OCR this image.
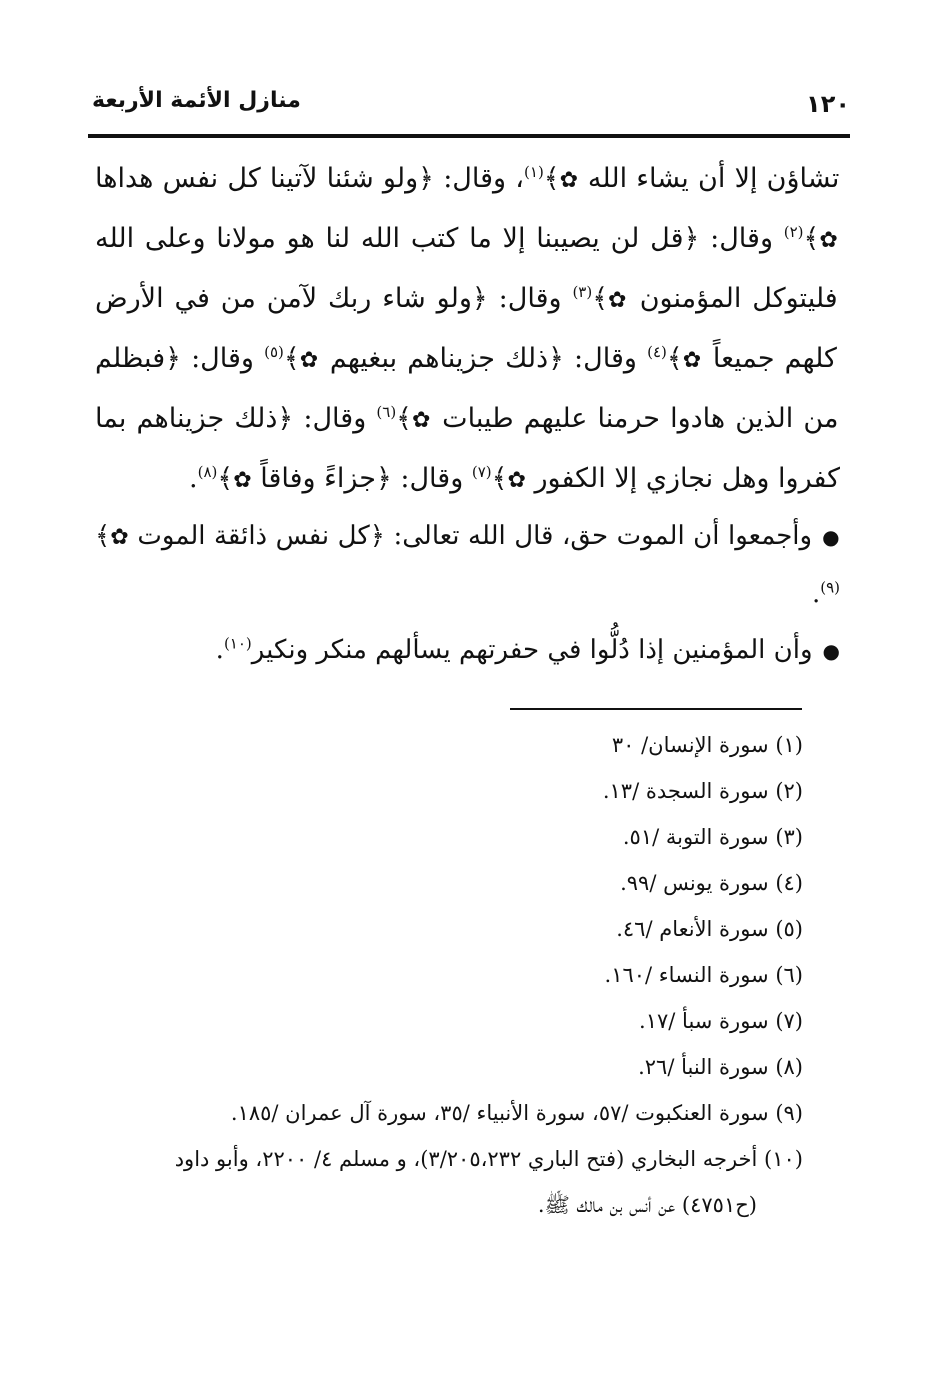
١٢٠
منازل الأئمة الأربعة

تشاؤن إلا أن يشاء الله ✿﴾$^{(١)}$، وقال: ﴿ولو شئنا لآتينا كل نفس هداها ✿﴾$^{(٢)}$ وقال: ﴿قل لن يصيبنا إلا ما كتب الله لنا هو مولانا وعلى الله فليتوكل المؤمنون ✿﴾$^{(٣)}$ وقال: ﴿ولو شاء ربك لآمن من في الأرض كلهم جميعاً ✿﴾$^{(٤)}$ وقال: ﴿ذلك جزيناهم ببغيهم ✿﴾$^{(٥)}$ وقال: ﴿فبظلم من الذين هادوا حرمنا عليهم طيبات ✿﴾$^{(٦)}$ وقال: ﴿ذلك جزيناهم بما كفروا وهل نجازي إلا الكفور ✿﴾$^{(٧)}$ وقال: ﴿جزاءً وفاقاً ✿﴾$^{(٨)}$.

●وأجمعوا أن الموت حق، قال الله تعالى: ﴿كل نفس ذائقة الموت ✿﴾$^{(٩)}$.

●وأن المؤمنين إذا دُلُّوا في حفرتهم يسألهم منكر ونكير$^{(١٠)}$.

(١) سورة الإنسان/ ٣٠

(٢) سورة السجدة /١٣.

(٣) سورة التوبة /٥١.

(٤) سورة يونس /٩٩.

(٥) سورة الأنعام /٤٦.

(٦) سورة النساء /١٦٠.

(٧) سورة سبأ /١٧.

(٨) سورة النبأ /٢٦.

(٩) سورة العنكبوت /٥٧، سورة الأنبياء /٣٥، سورة آل عمران /١٨٥.

(١٠) أخرجه البخاري (فتح الباري ٣/٢٠٥،٢٣٢)، و مسلم ٤/ ٢٢٠٠، وأبو داود

(ح٤٧٥١) عن أنس بن مالك ﷺ.
